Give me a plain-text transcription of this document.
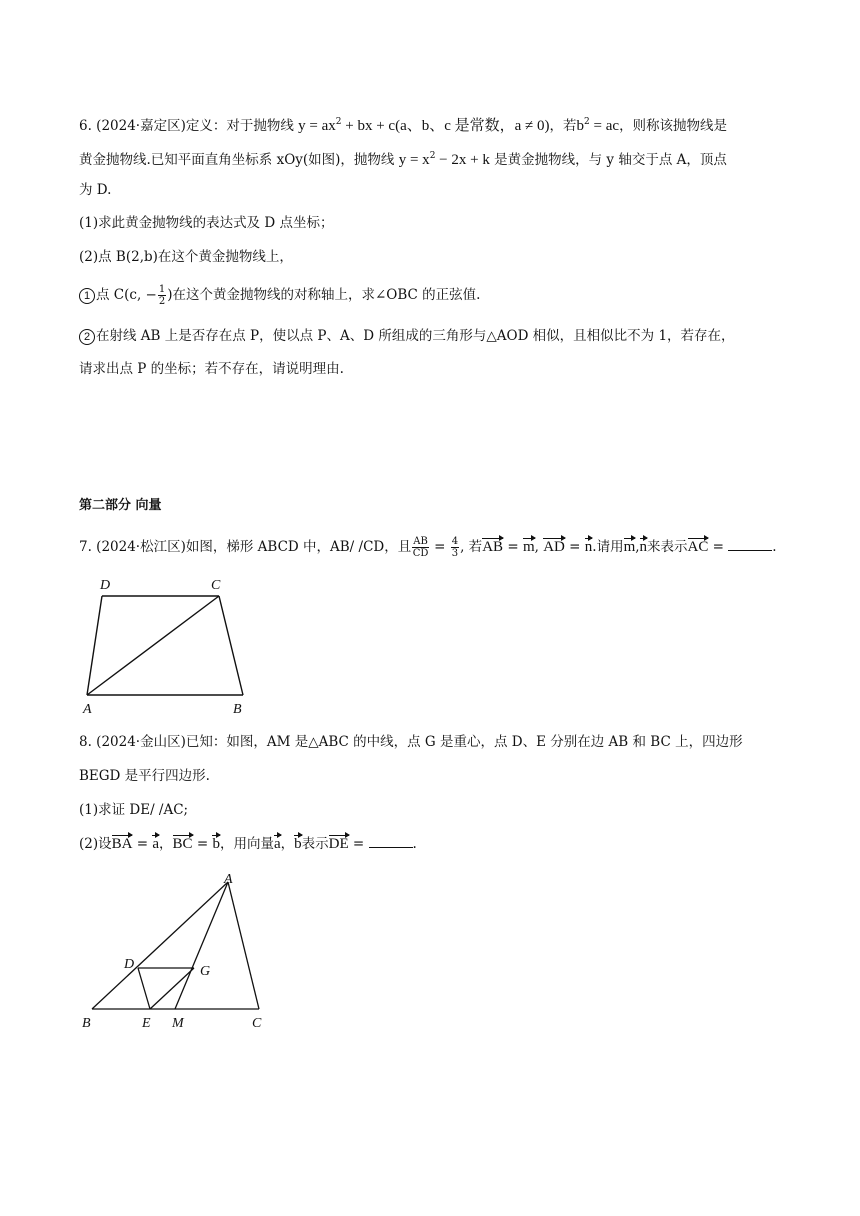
6. (2024·嘉定区)定义：对于抛物线 $y = ax^2$ + bx + c(a、b、c 是常数，a ≠ 0)，若$b^2$ = ac，则称该抛物线是
黄金抛物线.已知平面直角坐标系 xOy(如图)，抛物线 $y = x^2 - 2x + k$ 是黄金抛物线，与 y 轴交于点 A，顶点
为 D.
(1)求此黄金抛物线的表达式及 D 点坐标；
(2)点 B(2,b)在这个黄金抛物线上，
1 点 C(c, − $\frac{1}{2}$ )在这个黄金抛物线的对称轴上，求∠OBC 的正弦值.
2 在射线 AB 上是否存在点 P，使以点 P、A、D 所组成的三角形与△AOD 相似，且相似比不为 1，若存在，
请求出点 P 的坐标；若不存在，请说明理由.
第二部分 向量
7. (2024·松江区)如图，梯形 ABCD 中，AB/ /CD，且 $\frac{AB}{CD} = \frac{4}{3}$ , 若AB = m, AD = n.请用m,n来表示AC =	.
D	C
A	B
8. (2024·金山区)已知：如图，AM 是△ABC 的中线，点 G 是重心，点 D、E 分别在边 AB 和 BC 上，四边形
BEGD 是平行四边形.
(1)求证 DE/ /AC;
(2)设BA = a，BC = b，用向量a，b表示DE =	.
A
D	G
B	E M	C
